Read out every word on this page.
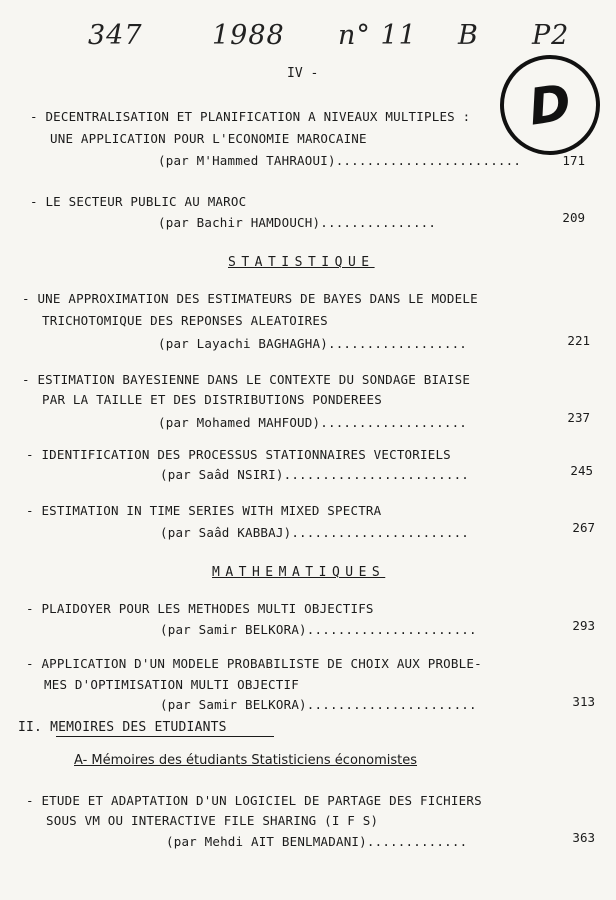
347	1988 n° 11 B P2
IV -	D
- DECENTRALISATION ET PLANIFICATION A NIVEAUX MULTIPLES :
UNE APPLICATION POUR L'ECONOMIE MAROCAINE
(par M'Hammed TAHRAOUI)........................	171
- LE SECTEUR PUBLIC AU MAROC
(par Bachir HAMDOUCH)...............	209
STATISTIQUE
- UNE APPROXIMATION DES ESTIMATEURS DE BAYES DANS LE MODELE
TRICHOTOMIQUE DES REPONSES ALEATOIRES
(par Layachi BAGHAGHA)..................	221
- ESTIMATION BAYESIENNE DANS LE CONTEXTE DU SONDAGE BIAISE
PAR LA TAILLE ET DES DISTRIBUTIONS PONDEREES
(par Mohamed MAHFOUD)...................	237
- IDENTIFICATION DES PROCESSUS STATIONNAIRES VECTORIELS
(par Saâd NSIRI)........................	245
- ESTIMATION IN TIME SERIES WITH MIXED SPECTRA
(par Saâd KABBAJ).......................	267
MATHEMATIQUES
- PLAIDOYER POUR LES METHODES MULTI OBJECTIFS
(par Samir BELKORA)......................	293
- APPLICATION D'UN MODELE PROBABILISTE DE CHOIX AUX PROBLE-
MES D'OPTIMISATION MULTI OBJECTIF
(par Samir BELKORA)......................	313
II. MEMOIRES DES ETUDIANTS
A- Mémoires des étudiants Statisticiens économistes
- ETUDE ET ADAPTATION D'UN LOGICIEL DE PARTAGE DES FICHIERS
SOUS VM OU INTERACTIVE FILE SHARING (I F S)
(par Mehdi AIT BENLMADANI).............	363
